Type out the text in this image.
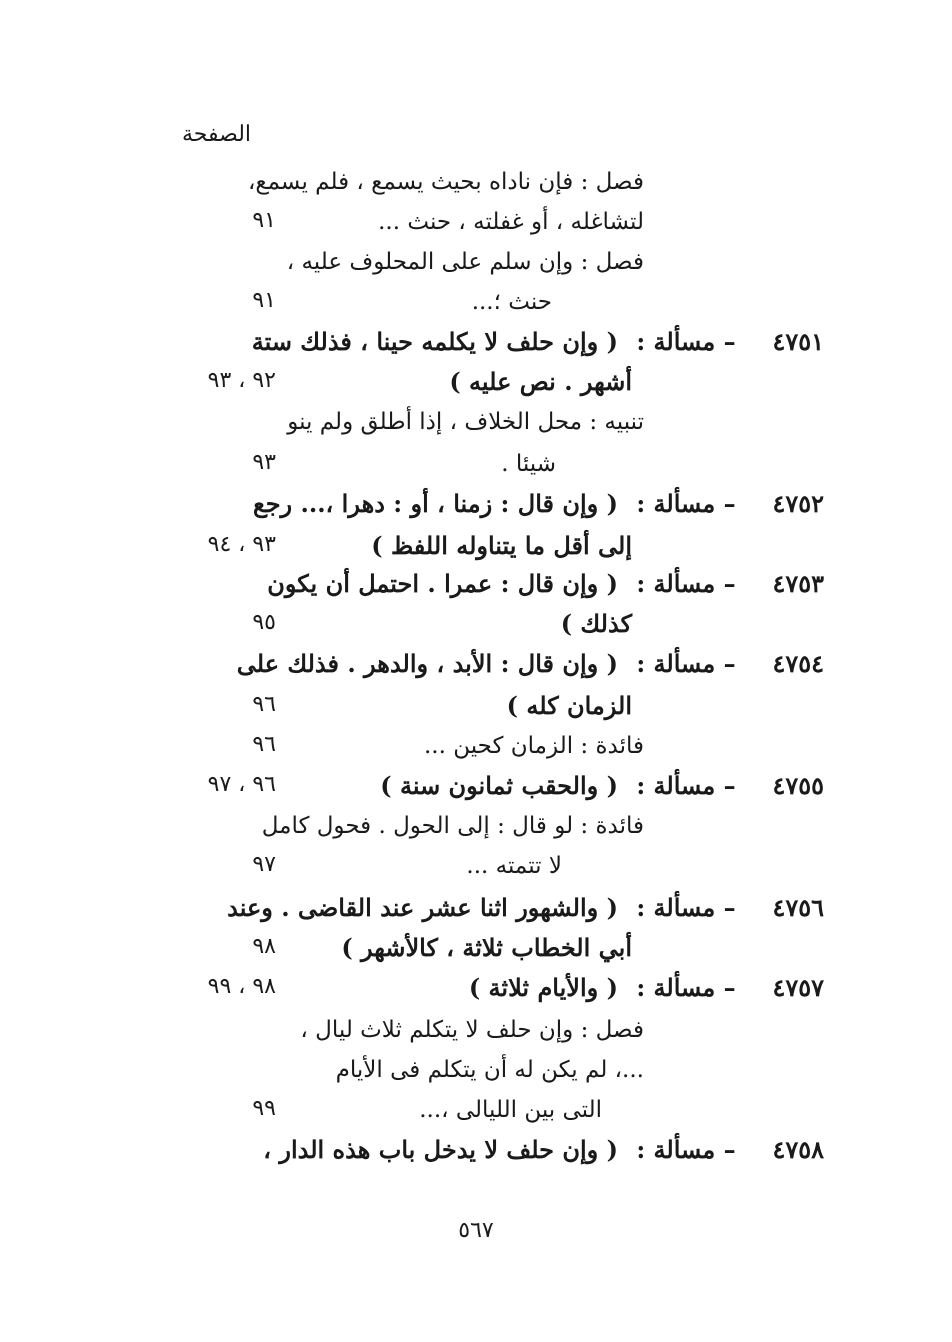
الصفحة
فصل : فإن ناداه بحيث يسمع ، فلم يسمع،
لتشاغله ، أو غفلته ، حنث ...
٩١
فصل : وإن سلم على المحلوف عليه ،
حنث ؛...
٩١
٤٧٥١ – مسألة : ( وإن حلف لا يكلمه حينا ، فذلك ستة
أشهر . نص عليه )
٩٢ ، ٩٣
تنبيه : محل الخلاف ، إذا أطلق ولم ينو
شيئا .
٩٣
٤٧٥٢ – مسألة : ( وإن قال : زمنا ، أو : دهرا ،... رجع
إلى أقل ما يتناوله اللفظ )
٩٣ ، ٩٤
٤٧٥٣ – مسألة : ( وإن قال : عمرا . احتمل أن يكون
كذلك )
٩٥
٤٧٥٤ – مسألة : ( وإن قال : الأبد ، والدهر . فذلك على
الزمان كله )
٩٦
فائدة : الزمان كحين ...
٩٦
٤٧٥٥ – مسألة : ( والحقب ثمانون سنة )
٩٦ ، ٩٧
فائدة : لو قال : إلى الحول . فحول كامل
لا تتمته ...
٩٧
٤٧٥٦ – مسألة : ( والشهور اثنا عشر عند القاضى . وعند
أبي الخطاب ثلاثة ، كالأشهر )
٩٨
٤٧٥٧ – مسألة : ( والأيام ثلاثة )
٩٨ ، ٩٩
فصل : وإن حلف لا يتكلم ثلاث ليال ،
...، لم يكن له أن يتكلم فى الأيام
التى بين الليالى ،...
٩٩
٤٧٥٨ – مسألة : ( وإن حلف لا يدخل باب هذه الدار ،
٥٦٧
